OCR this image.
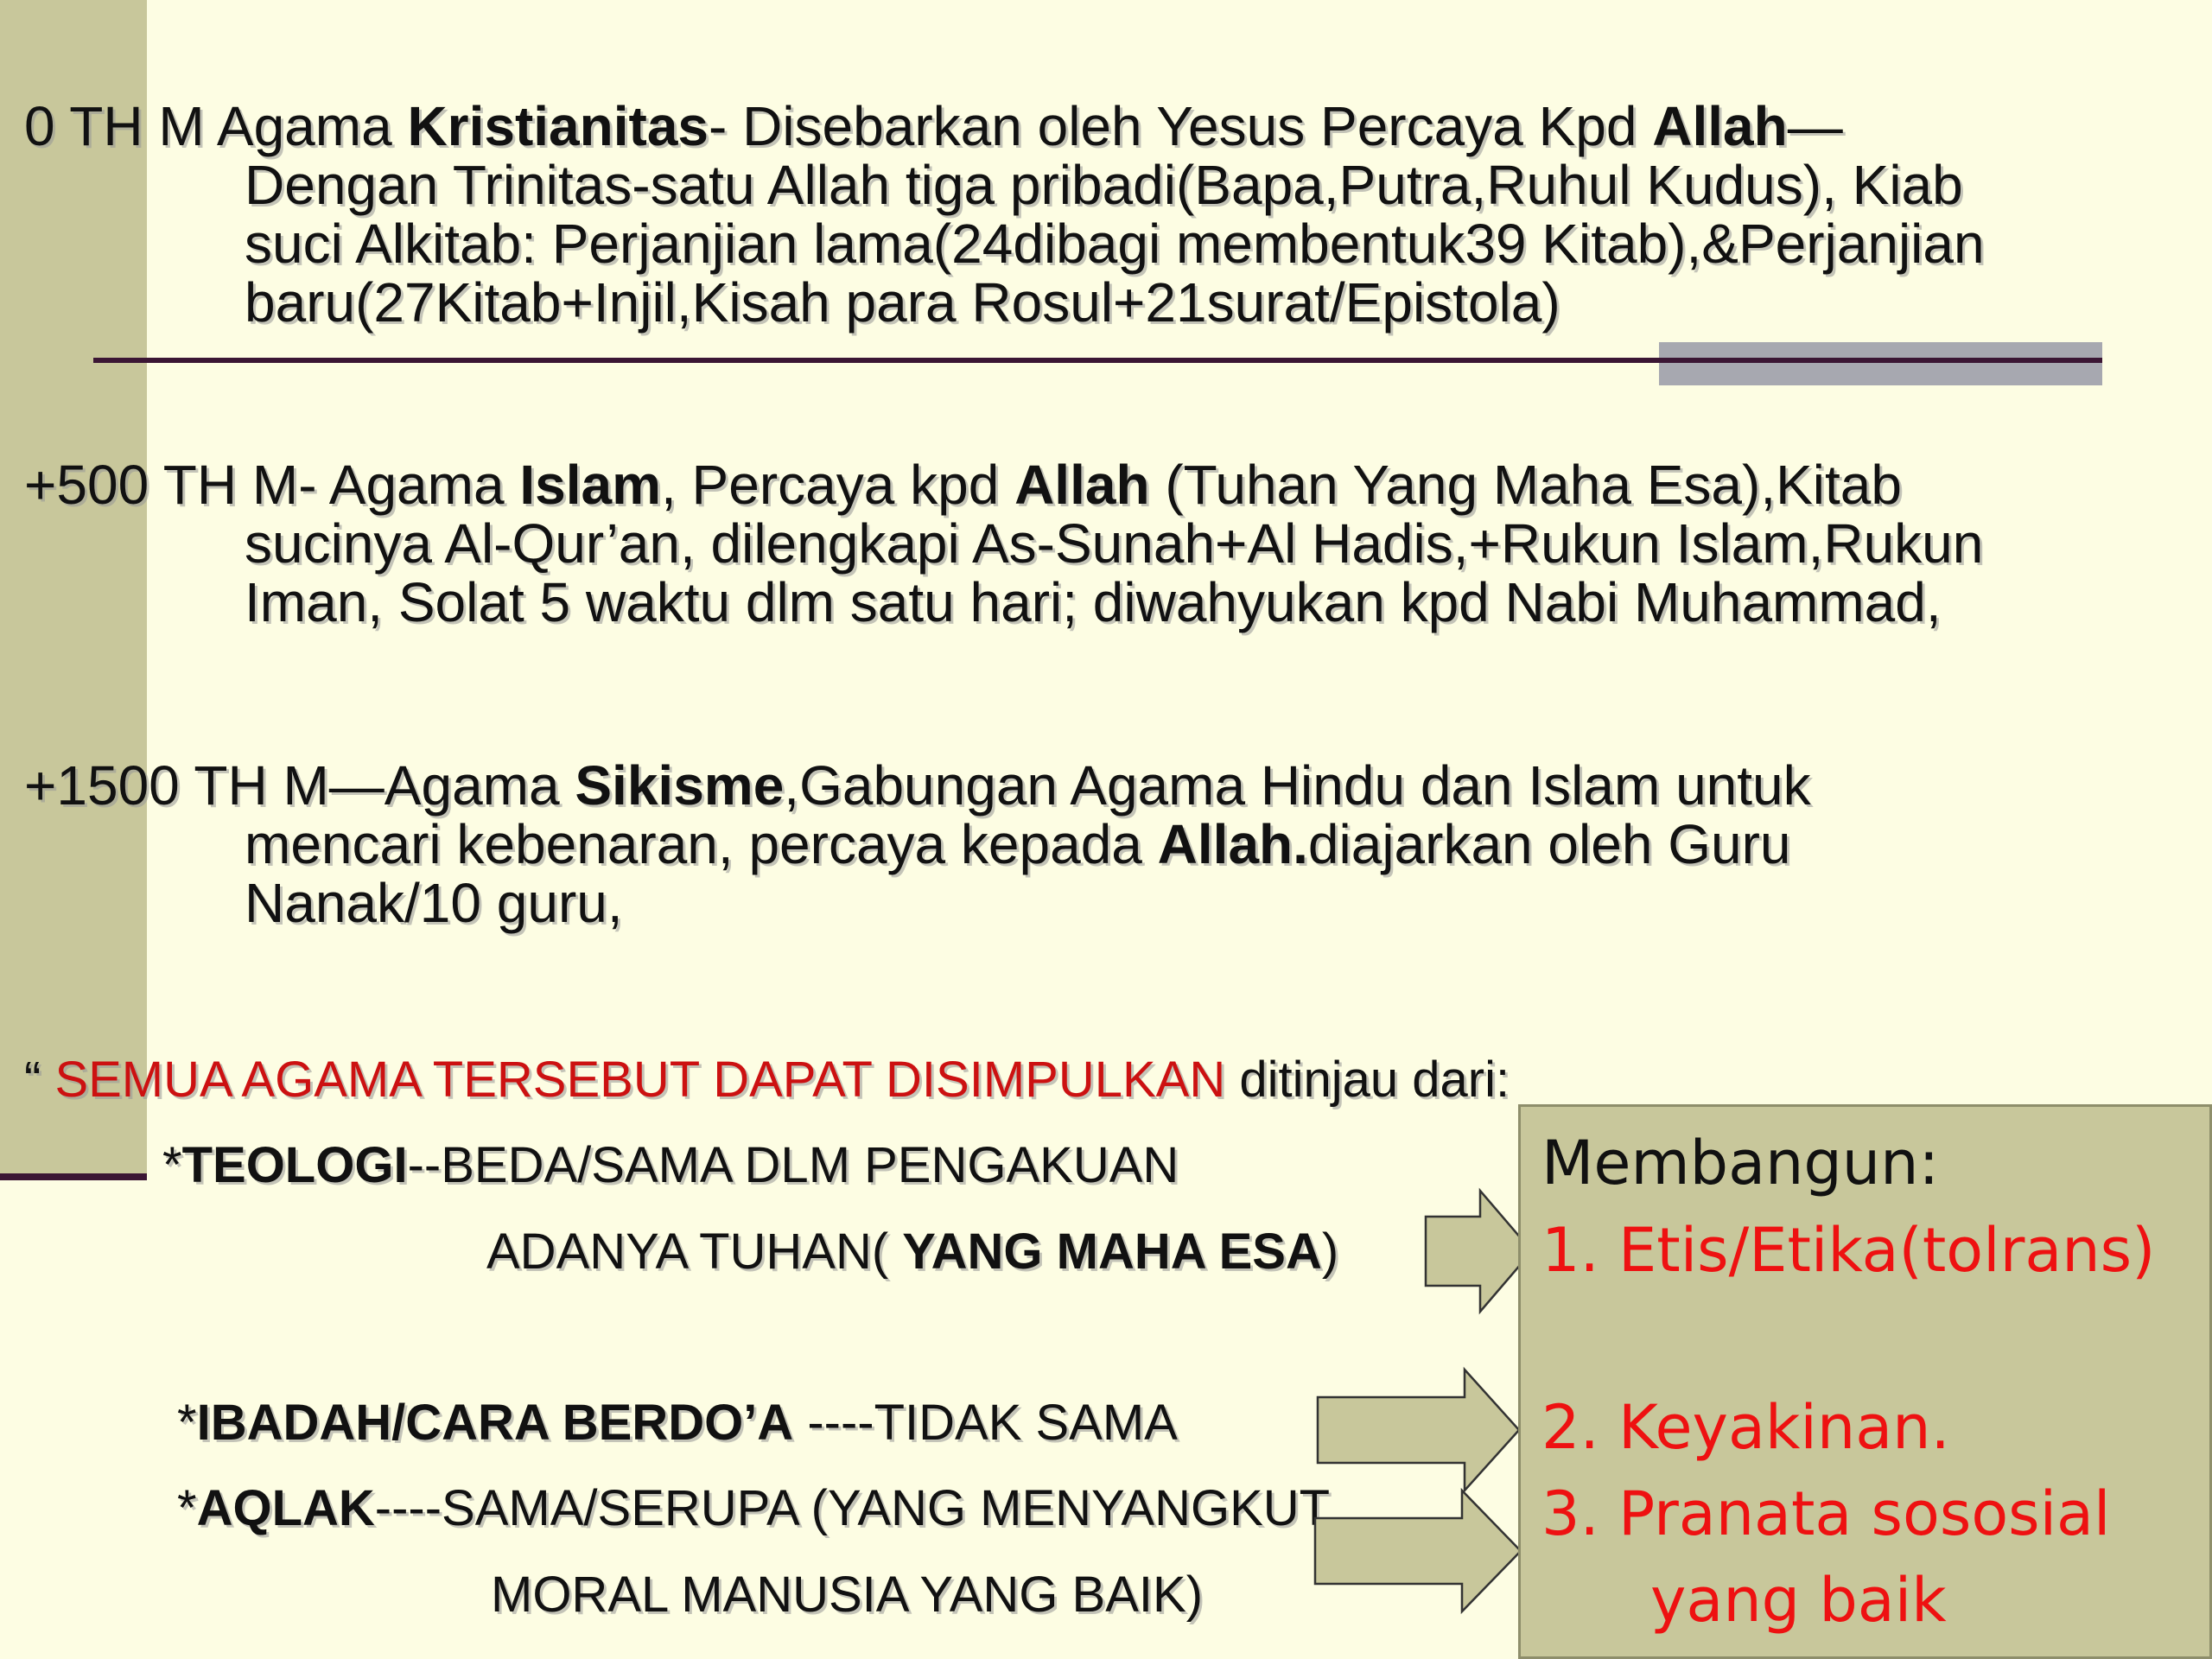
0 TH M Agama Kristianitas- Disebarkan oleh Yesus Percaya Kpd Allah—
Dengan Trinitas-satu Allah tiga pribadi(Bapa,Putra,Ruhul Kudus), Kiab
suci Alkitab: Perjanjian lama(24dibagi membentuk39 Kitab),&Perjanjian
baru(27Kitab+Injil,Kisah para Rosul+21surat/Epistola)
+500 TH M- Agama Islam, Percaya kpd Allah (Tuhan Yang Maha Esa),Kitab
sucinya Al-Qur’an, dilengkapi As-Sunah+Al Hadis,+Rukun Islam,Rukun
Iman, Solat 5 waktu dlm satu hari; diwahyukan kpd Nabi Muhammad,
+1500 TH M—Agama Sikisme,Gabungan Agama Hindu dan Islam untuk
mencari kebenaran, percaya kepada Allah.diajarkan oleh Guru
Nanak/10 guru,
“ SEMUA AGAMA TERSEBUT DAPAT DISIMPULKAN ditinjau dari:
*TEOLOGI--BEDA/SAMA DLM PENGAKUAN
ADANYA TUHAN( YANG MAHA ESA)
*IBADAH/CARA BERDO’A ----TIDAK SAMA
*AQLAK----SAMA/SERUPA (YANG MENYANGKUT
MORAL MANUSIA YANG BAIK)
Membangun:
1. Etis/Etika(tolrans)
2. Keyakinan.
3. Pranata sososial
yang baik
